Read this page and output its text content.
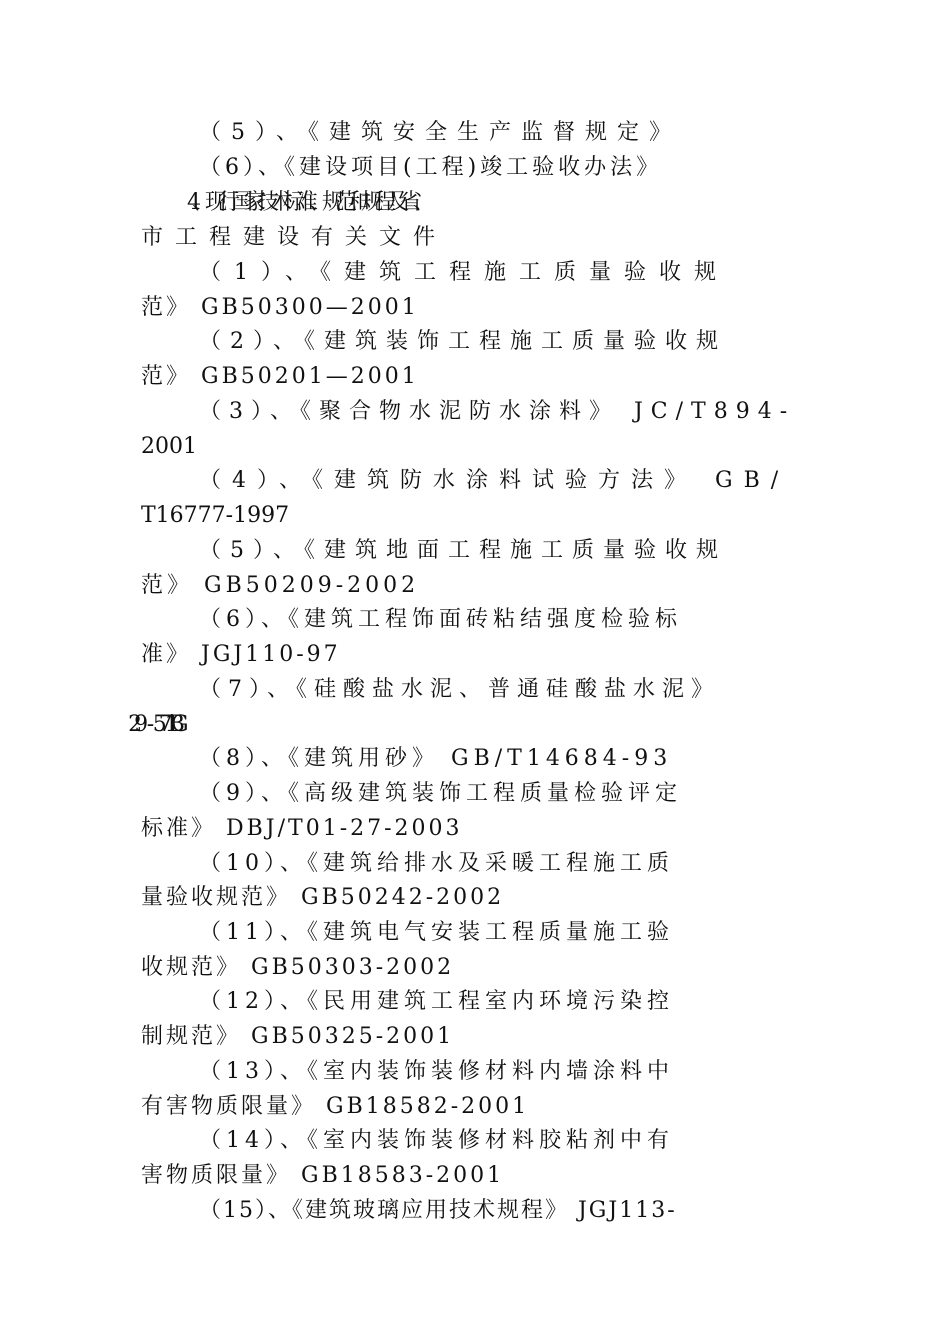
（5）、《建筑安全生产监督规定》

（6）、《建设项目(工程)竣工验收办法》

4、现行国家技术标准、规范和规程及省、

市工程建设有关文件

（1）、《建筑工程施工质量验收规

范》 GB50300—2001

（2）、《建筑装饰工程施工质量验收规

范》 GB50201—2001

（3）、《聚合物水泥防水涂料》 JC/T894-

2001

（4）、《建筑防水涂料试验方法》 GB/

T16777-1997

（5）、《建筑地面工程施工质量验收规

范》 GB50209-2002

（6）、《建筑工程饰面砖粘结强度检验标

准》 JGJ110-97

（7）、《硅酸盐水泥、普通硅酸盐水泥》

（8）、《建筑用砂》 GB/T14684-93

（9）、《高级建筑装饰工程质量检验评定

标准》 DBJ/T01-27-2003

（10）、《建筑给排水及采暖工程施工质

量验收规范》 GB50242-2002

（11）、《建筑电气安装工程质量施工验

收规范》 GB50303-2002

（12）、《民用建筑工程室内环境污染控

制规范》 GB50325-2001

（13）、《室内装饰装修材料内墙涂料中

有害物质限量》 GB18582-2001

（14）、《室内装饰装修材料胶粘剂中有

害物质限量》 GB18583-2001

（15）、《建筑玻璃应用技术规程》 JGJ113-
